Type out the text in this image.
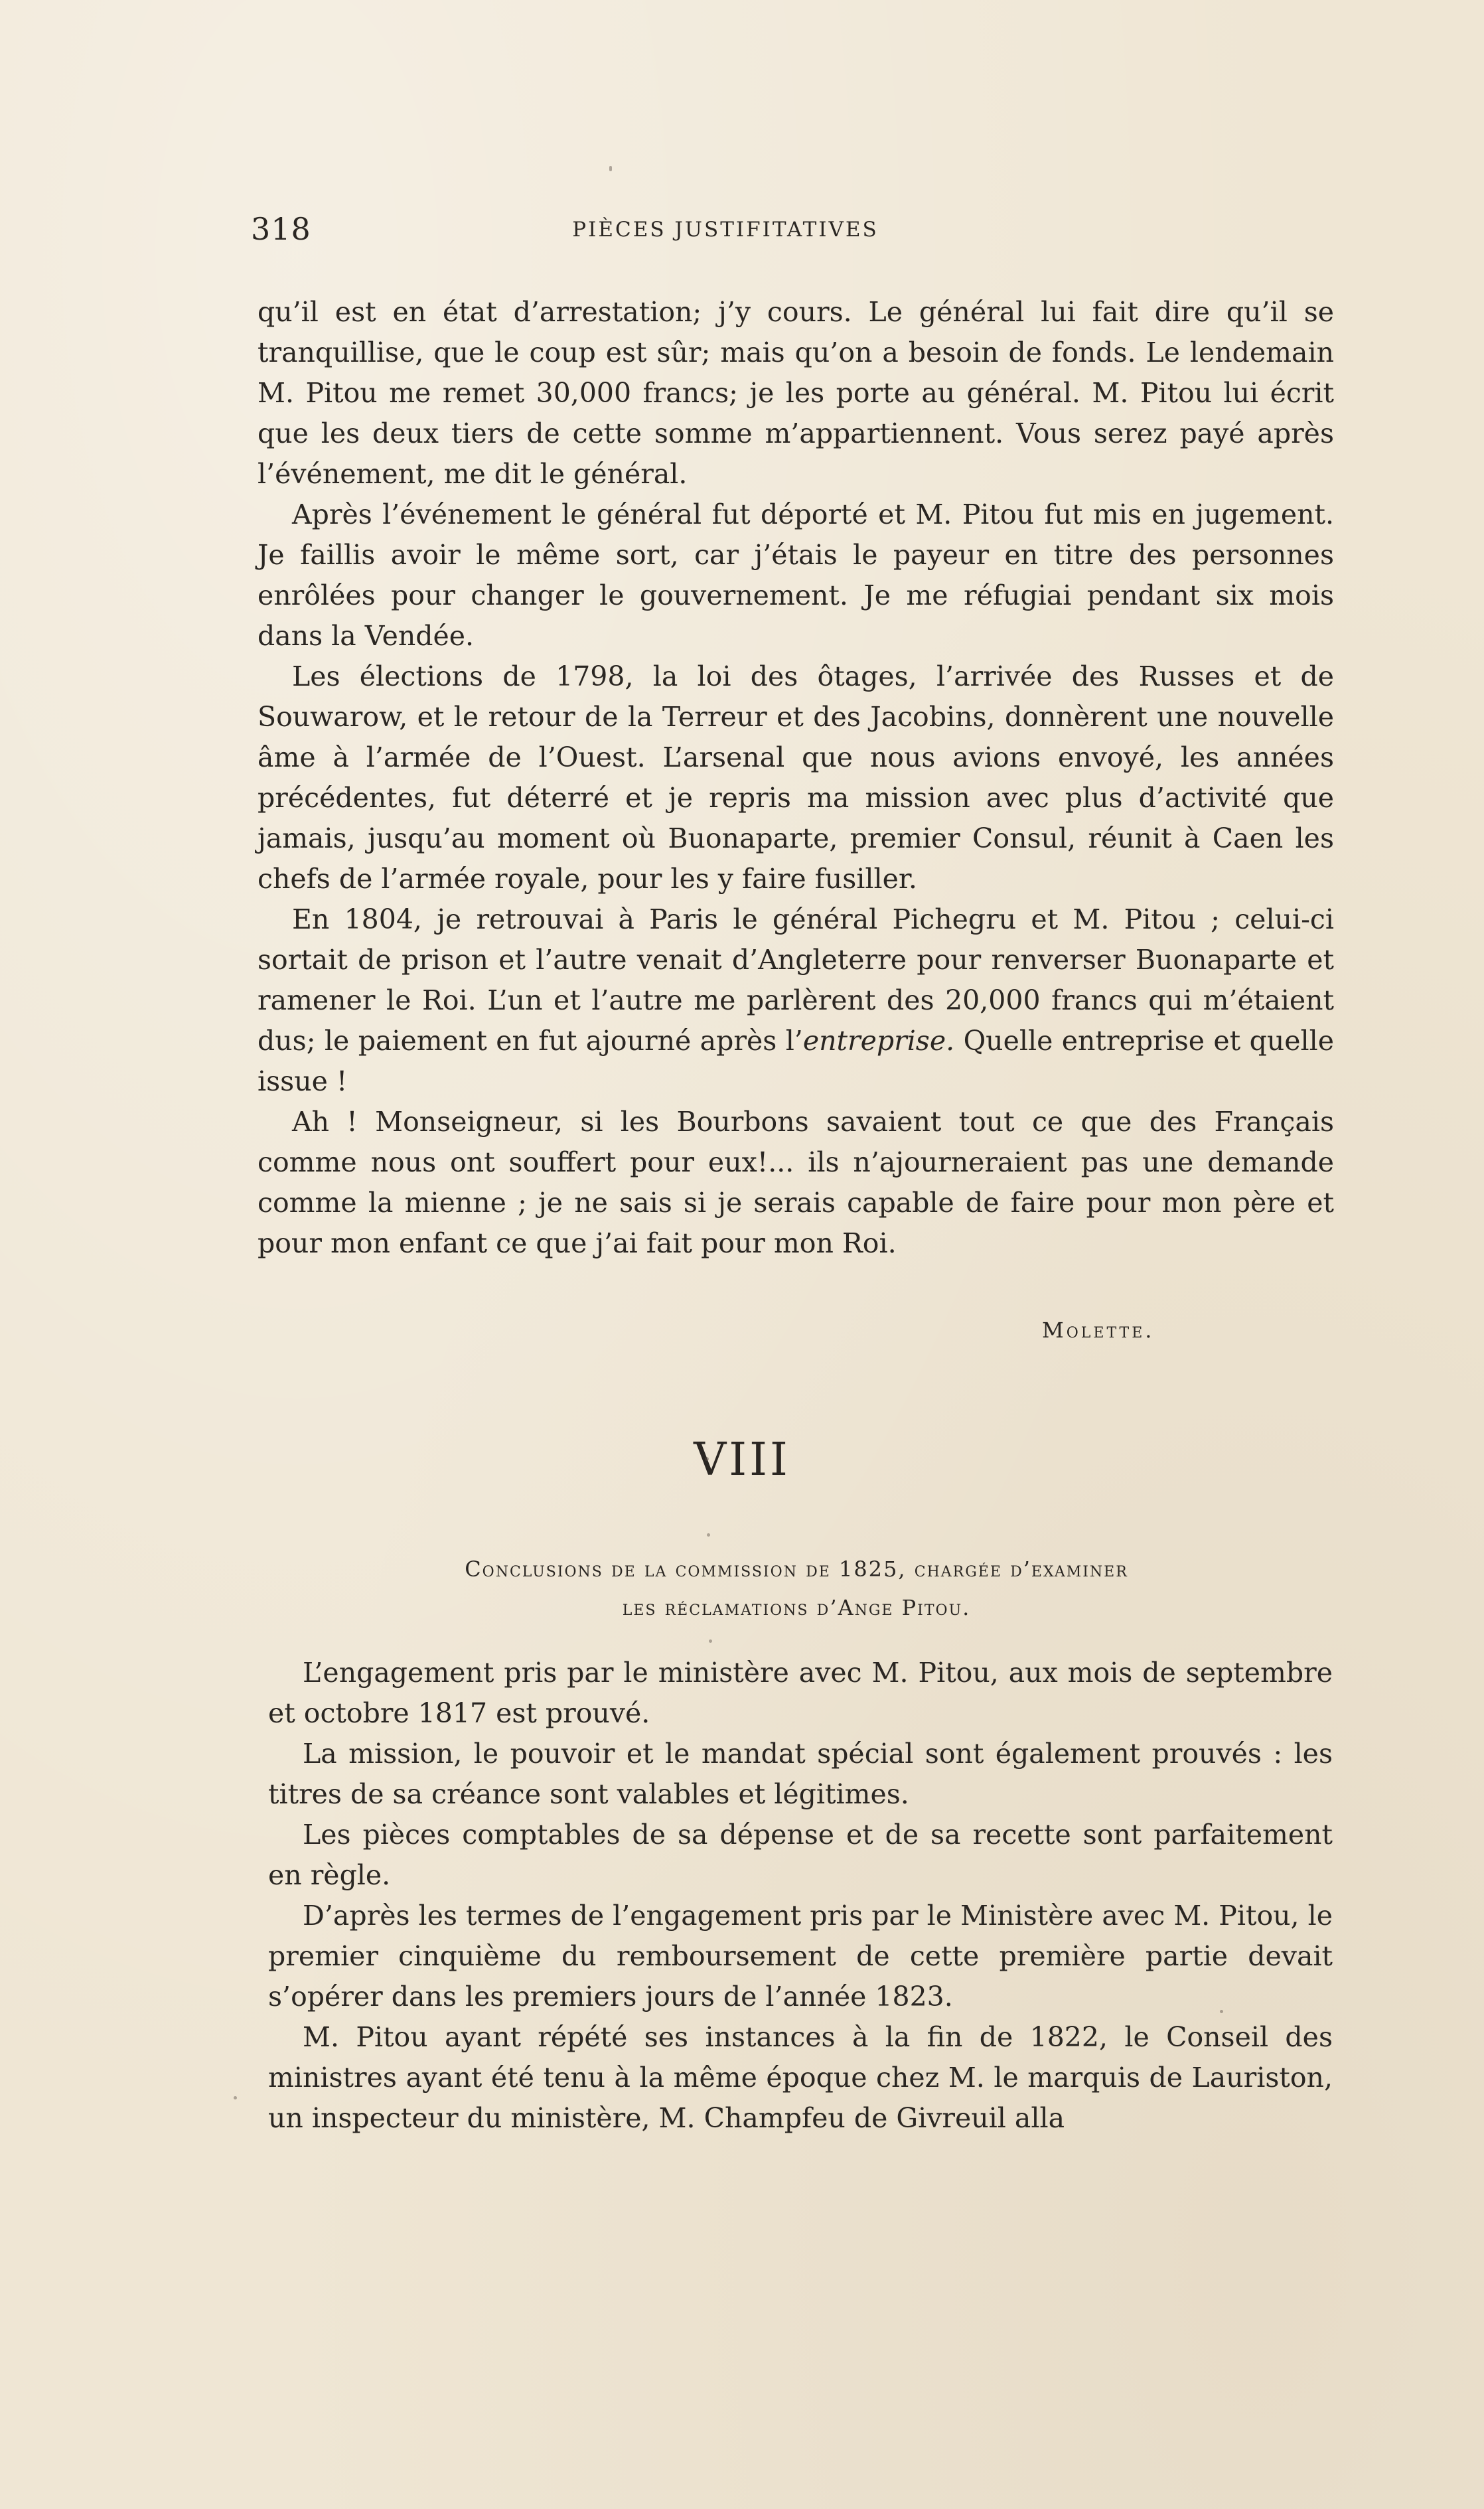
318	PIÈCES JUSTIFITATIVES

qu’il est en état d’arrestation; j’y cours. Le général lui fait dire qu’il se tranquillise, que le coup est sûr; mais qu’on a besoin de fonds. Le lendemain M. Pitou me remet 30,000 francs; je les porte au général. M. Pitou lui écrit que les deux tiers de cette somme m’appartiennent. Vous serez payé après l’événement, me dit le général.

Après l’événement le général fut déporté et M. Pitou fut mis en jugement. Je faillis avoir le même sort, car j’étais le payeur en titre des personnes enrôlées pour changer le gouvernement. Je me réfugiai pendant six mois dans la Vendée.

Les élections de 1798, la loi des ôtages, l’arrivée des Russes et de Souwarow, et le retour de la Terreur et des Jacobins, donnèrent une nouvelle âme à l’armée de l’Ouest. L’arsenal que nous avions envoyé, les années précédentes, fut déterré et je repris ma mission avec plus d’activité que jamais, jusqu’au moment où Buonaparte, premier Consul, réunit à Caen les chefs de l’armée royale, pour les y faire fusiller.

En 1804, je retrouvai à Paris le général Pichegru et M. Pitou ; celui-ci sortait de prison et l’autre venait d’Angleterre pour renverser Buonaparte et ramener le Roi. L’un et l’autre me parlèrent des 20,000 francs qui m’étaient dus; le paiement en fut ajourné après l’entreprise. Quelle entreprise et quelle issue !

Ah ! Monseigneur, si les Bourbons savaient tout ce que des Français comme nous ont souffert pour eux!... ils n’ajourneraient pas une demande comme la mienne ; je ne sais si je serais capable de faire pour mon père et pour mon enfant ce que j’ai fait pour mon Roi.

Molette.
VIII
Conclusions de la commission de 1825, chargée d’examiner
les réclamations d’Ange Pitou.

L’engagement pris par le ministère avec M. Pitou, aux mois de septembre et octobre 1817 est prouvé.

La mission, le pouvoir et le mandat spécial sont également prouvés : les titres de sa créance sont valables et légitimes.

Les pièces comptables de sa dépense et de sa recette sont parfaitement en règle.

D’après les termes de l’engagement pris par le Ministère avec M. Pitou, le premier cinquième du remboursement de cette première partie devait s’opérer dans les premiers jours de l’année 1823.

M. Pitou ayant répété ses instances à la fin de 1822, le Conseil des ministres ayant été tenu à la même époque chez M. le marquis de Lauriston, un inspecteur du ministère, M. Champfeu de Givreuil alla
